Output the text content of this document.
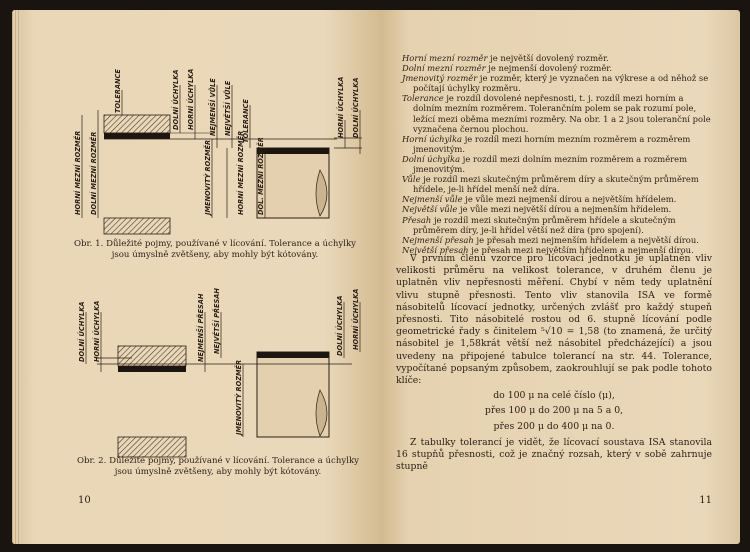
HORNÍ MEZNÍ ROZMĚR DOLNÍ MEZNÍ ROZMĚR
TOLERANCE	DOLNÍ ÚCHYLKA HORNÍ ÚCHYLKA NEJMENŠÍ VŮLE NEJVĚTŠÍ VŮLE
JMENOVITÝ ROZMĚR
TOLERANCE
DOL. MEZNÍ ROZMĚR
HORNÍ MEZNÍ ROZMĚR
HORNÍ ÚCHYLKA DOLNÍ ÚCHYLKA
Obr. 1. Důležité pojmy, používané v lícování. Tolerance a úchylky jsou úmyslně zvětšeny, aby mohly být kótovány.
DOLNÍ ÚCHYLKA HORNÍ ÚCHYLKA	NEJMENŠÍ PŘESAH NEJVĚTŠÍ PŘESAH
JMENOVITÝ ROZMĚR
DOLNÍ ÚCHYLKA HORNÍ ÚCHYLKA
Obr. 2. Důležité pojmy, používané v lícování. Tolerance a úchylky jsou úmyslně zvětšeny, aby mohly být kótovány.
10
Horní mezní rozměr je největší dovolený rozměr.
Dolní mezní rozměr je nejmenší dovolený rozměr.
Jmenovitý rozměr je rozměr, který je vyznačen na výkrese a od něhož se počítají úchylky rozměru.
Tolerance je rozdíl dovolené nepřesnosti, t. j. rozdíl mezi horním a dolním mezním rozměrem. Tolerančním polem se pak rozumí pole, ležící mezi oběma mezními rozměry. Na obr. 1 a 2 jsou toleranční pole vyznačena černou plochou.
Horní úchylka je rozdíl mezi horním mezním rozměrem a rozměrem jmenovitým.
Dolní úchylka je rozdíl mezi dolním mezním rozměrem a rozměrem jmenovitým.
Vůle je rozdíl mezi skutečným průměrem díry a skutečným průměrem hřídele, je-li hřídel menší než díra.
Nejmenší vůle je vůle mezi nejmenší dírou a největším hřídelem.
Největší vůle je vůle mezi největší dírou a nejmenším hřídelem.
Přesah je rozdíl mezi skutečným průměrem hřídele a skutečným průměrem díry, je-li hřídel větší než díra (pro spojení).
Nejmenší přesah je přesah mezi nejmenším hřídelem a největší dírou.
Největší přesah je přesah mezi největším hřídelem a nejmenší dírou.

V prvním členu vzorce pro lícovací jednotku je uplatněn vliv velikosti průměru na velikost tolerance, v druhém členu je uplatněn vliv nepřesnosti měření. Chybí v něm tedy uplatnění vlivu stupně přesnosti. Tento vliv stanovila ISA ve formě násobitelů lícovací jednotky, určených zvlášť pro každý stupeň přesnosti. Tito násobitelé rostou od 6. stupně lícování podle geometrické řady s činitelem ⁵√10 = 1,58 (to znamená, že určitý násobitel je 1,58krát větší než násobitel předcházející) a jsou uvedeny na připojené tabulce tolerancí na str. 44. Tolerance, vypočítané popsaným způsobem, zaokrouhlují se pak podle tohoto klíče:

do 100 μ na celé číslo (μ),
přes 100 μ do 200 μ na 5 a 0,
přes 200 μ do 400 μ na 0.

Z tabulky tolerancí je vidět, že lícovací soustava ISA stanovila 16 stupňů přesnosti, což je značný rozsah, který v sobě zahrnuje stupně

11
